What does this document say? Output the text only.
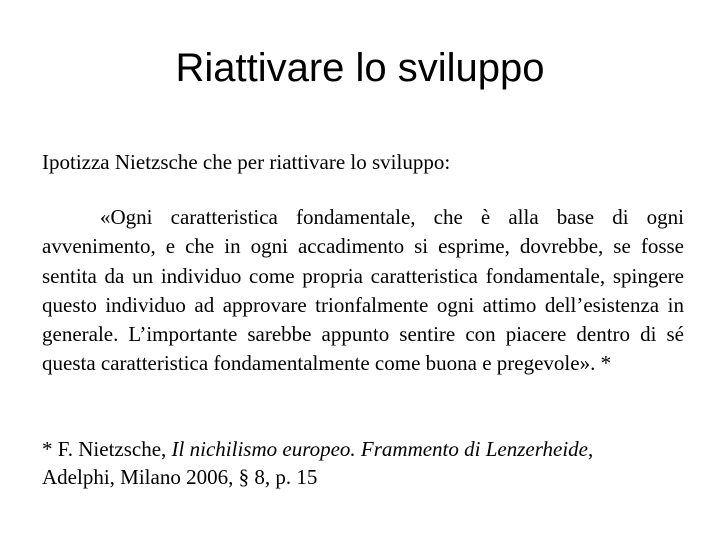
Riattivare lo sviluppo

Ipotizza Nietzsche che per riattivare lo sviluppo:

«Ogni caratteristica fondamentale, che è alla base di ogni avvenimento, e che in ogni accadimento si esprime, dovrebbe, se fosse sentita da un individuo come propria caratteristica fondamentale, spingere questo individuo ad approvare trionfalmente ogni attimo dell’esistenza in generale. L’importante sarebbe appunto sentire con piacere dentro di sé questa caratteristica fondamentalmente come buona e pregevole». *

* F. Nietzsche, Il nichilismo europeo. Frammento di Lenzerheide,
Adelphi, Milano 2006, § 8, p. 15
